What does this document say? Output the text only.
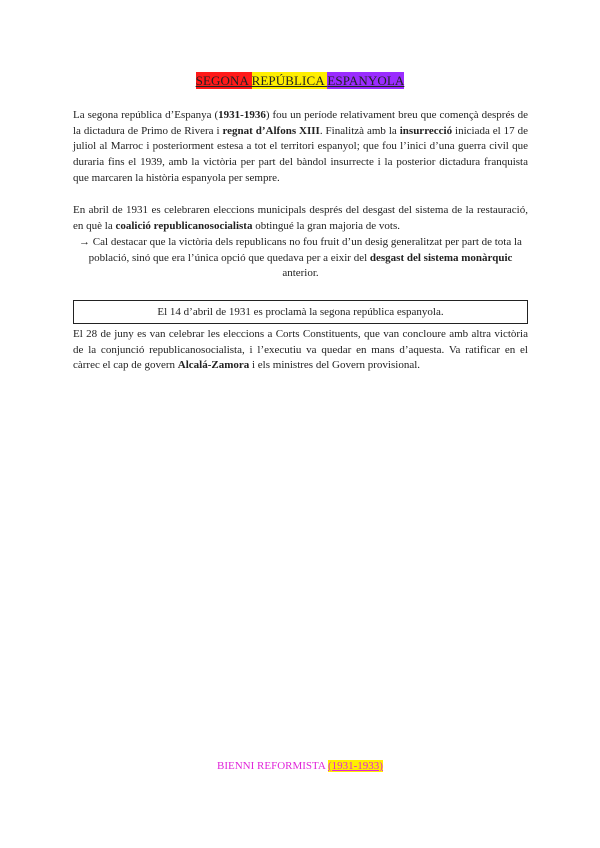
SEGONA REPÚBLICA ESPANYOLA
La segona república d’Espanya (1931-1936) fou un període relativament breu que començà després de la dictadura de Primo de Rivera i regnat d’Alfons XIII. Finalitzà amb la insurrecció iniciada el 17 de juliol al Marroc i posteriorment estesa a tot el territori espanyol; que fou l’inici d’una guerra civil que duraria fins el 1939, amb la victòria per part del bàndol insurrecte i la posterior dictadura franquista que marcaren la història espanyola per sempre.
En abril de 1931 es celebraren eleccions municipals després del desgast del sistema de la restauració, en què la coalició republicanosocialista obtingué la gran majoria de vots.
→ Cal destacar que la victòria dels republicans no fou fruit d’un desig generalitzat per part de tota la població, sinó que era l’única opció que quedava per a eixir del desgast del sistema monàrquic anterior.
El 14 d’abril de 1931 es proclamà la segona república espanyola.
El 28 de juny es van celebrar les eleccions a Corts Constituents, que van concloure amb altra victòria de la conjunció republicanosocialista, i l’executiu va quedar en mans d’aquesta. Va ratificar en el càrrec el cap de govern Alcalá-Zamora i els ministres del Govern provisional.
BIENNI REFORMISTA (1931-1933)
